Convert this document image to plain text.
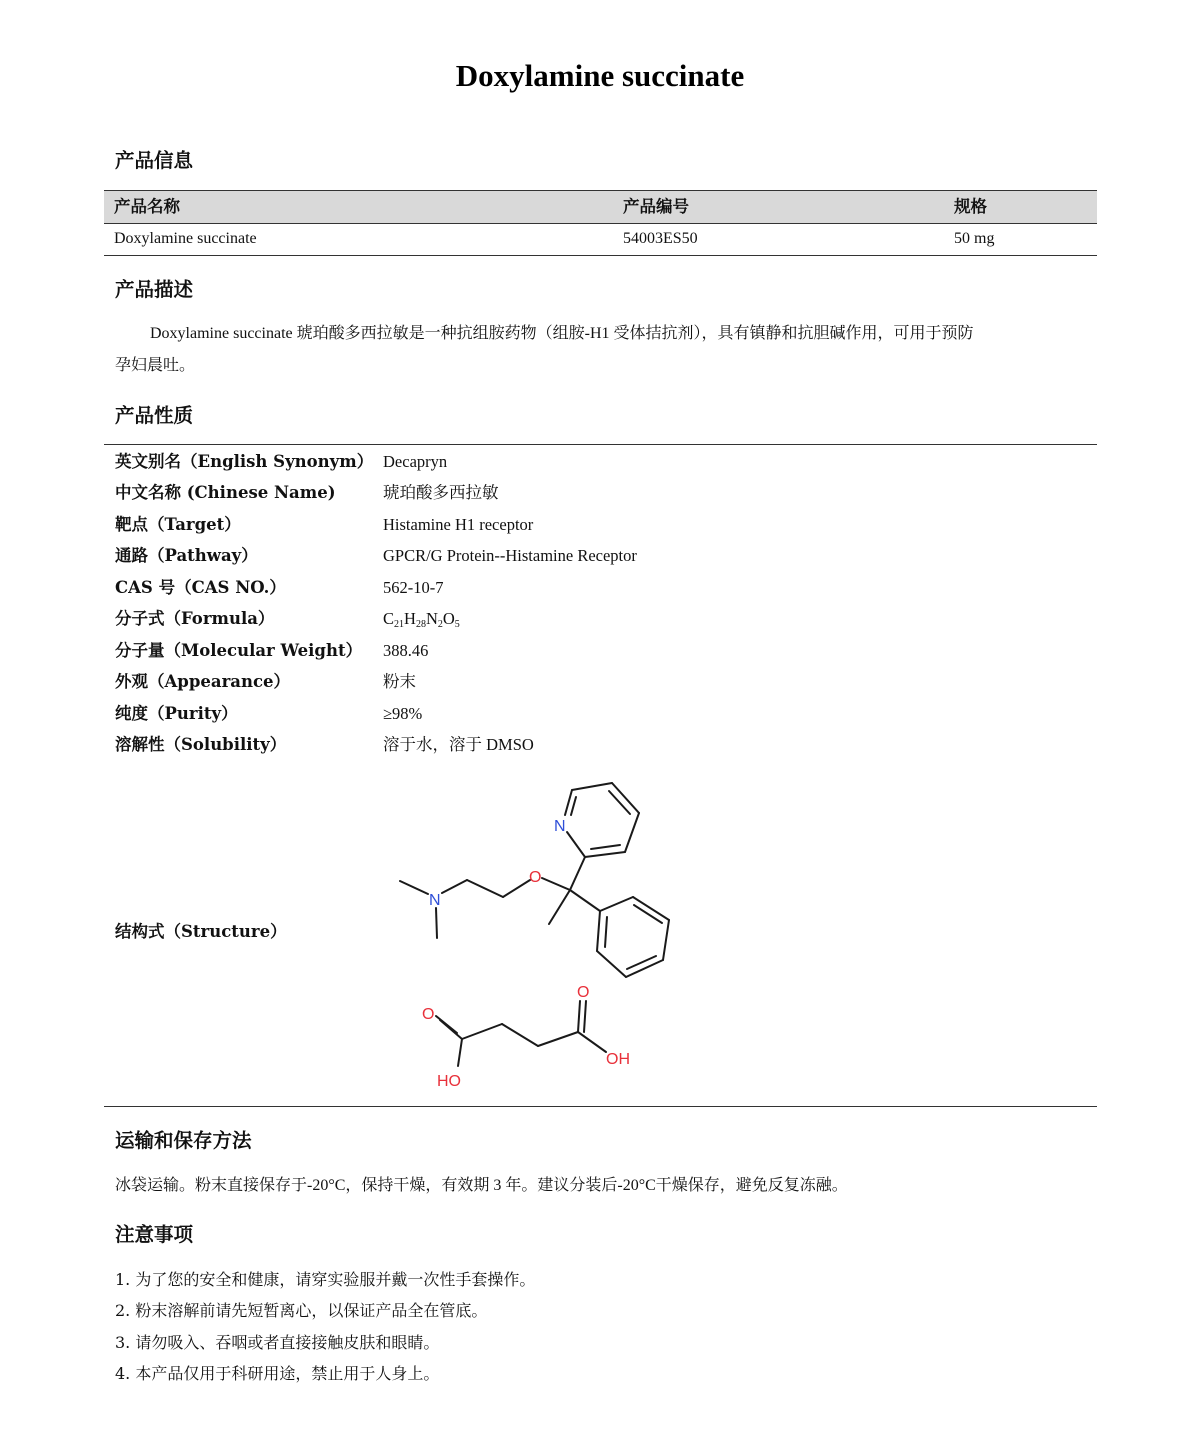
Doxylamine succinate
产品信息
产品名称	产品编号	规格
Doxylamine succinate	54003ES50	50 mg
产品描述
Doxylamine succinate 琥珀酸多西拉敏是一种抗组胺药物（组胺-H1 受体拮抗剂），具有镇静和抗胆碱作用，可用于预防
孕妇晨吐。
产品性质
英文别名（English Synonym） Decapryn
中文名称 (Chinese Name)	琥珀酸多西拉敏
靶点（Target）	Histamine H1 receptor
通路（Pathway）	GPCR/G Protein--Histamine Receptor
CAS 号（CAS NO.）	562-10-7
分子式（Formula）	$C_{21}H_{28}N_2O_5$
分子量（Molecular Weight） 388.46
外观（Appearance）	粉末
纯度（Purity）	≥98%
溶解性（Solubility）	溶于水，溶于 DMSO
结构式（Structure）
N
O
N
O
O
OH
HO
运输和保存方法
冰袋运输。粉末直接保存于-20°C，保持干燥，有效期 3 年。建议分装后-20°C干燥保存，避免反复冻融。
注意事项
1. 为了您的安全和健康，请穿实验服并戴一次性手套操作。
2. 粉末溶解前请先短暂离心，以保证产品全在管底。
3. 请勿吸入、吞咽或者直接接触皮肤和眼睛。
4. 本产品仅用于科研用途，禁止用于人身上。
